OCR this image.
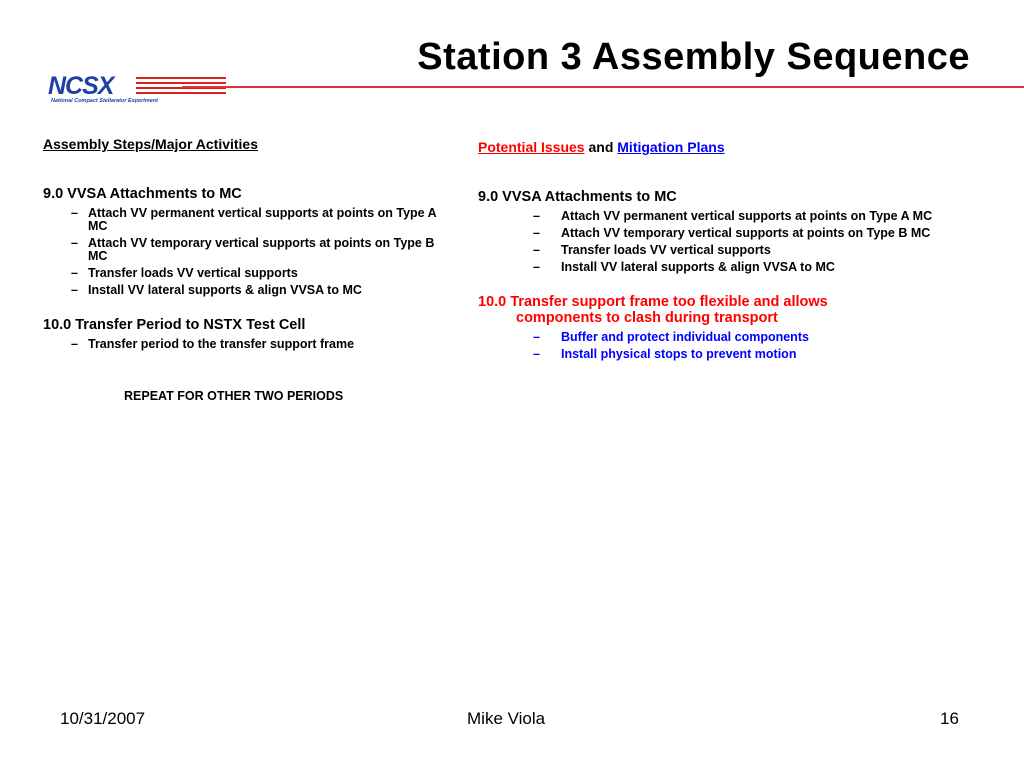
Station 3 Assembly Sequence
NCSX
National Compact Stellarator Experiment
Assembly Steps/Major Activities
9.0 VVSA Attachments to MC
– Attach VV permanent vertical supports at points on Type A MC
– Attach VV temporary vertical supports at points on Type B MC
– Transfer loads VV vertical supports
– Install VV lateral supports & align VVSA to MC
10.0 Transfer Period to NSTX Test Cell
– Transfer period to the transfer support frame
REPEAT FOR OTHER TWO PERIODS
Potential Issues and Mitigation Plans
9.0 VVSA Attachments to MC
– Attach VV permanent vertical supports at points on Type A MC
– Attach VV temporary vertical supports at points on Type B MC
– Transfer loads VV vertical supports
– Install VV lateral supports & align VVSA to MC
10.0 Transfer support frame too flexible and allows
components to clash during transport
– Buffer and protect individual components
– Install physical stops to prevent motion
10/31/2007	Mike Viola	16
